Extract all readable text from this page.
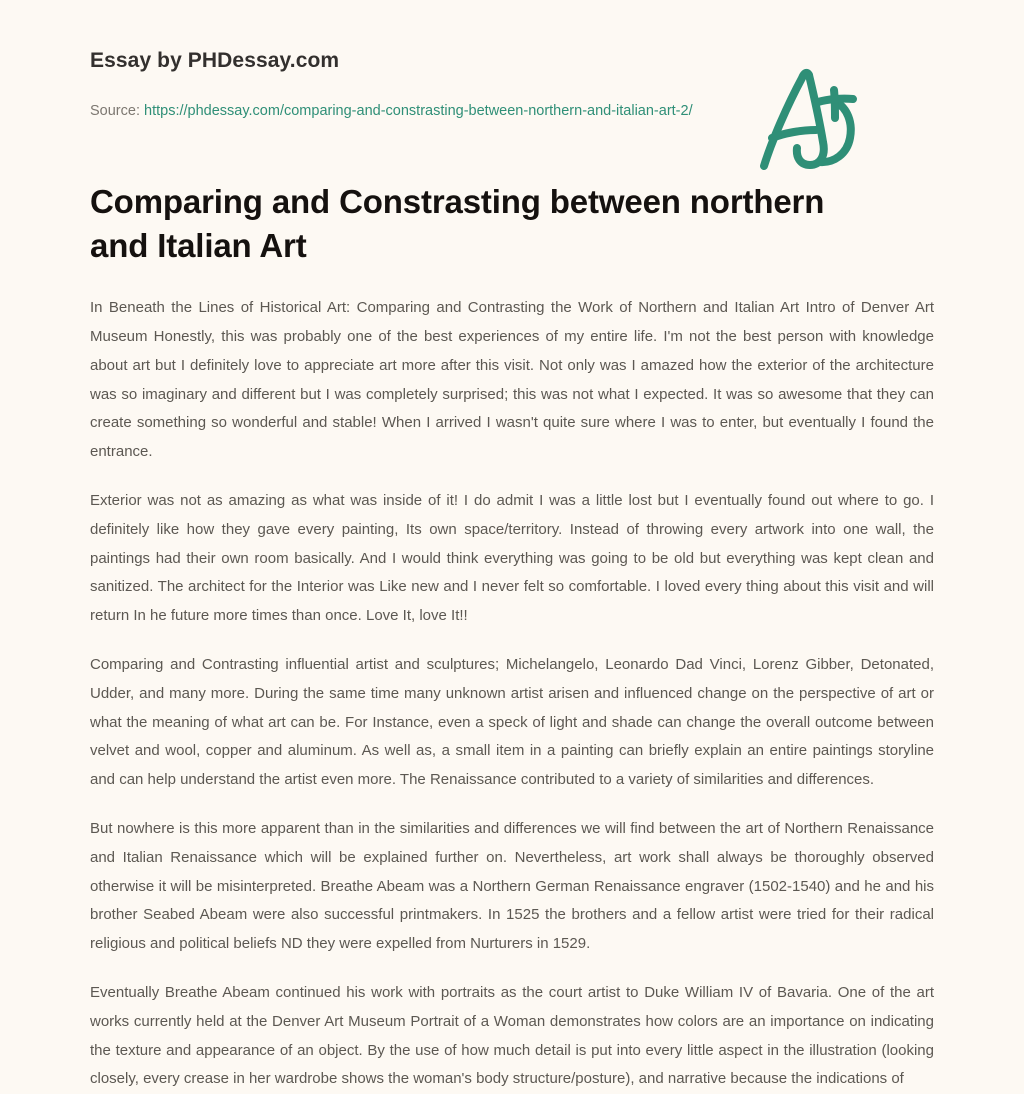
Essay by PHDessay.com
Source: https://phdessay.com/comparing-and-constrasting-between-northern-and-italian-art-2/
Comparing and Constrasting between northern and Italian Art

In Beneath the Lines of Historical Art: Comparing and Contrasting the Work of Northern and Italian Art Intro of Denver Art Museum Honestly, this was probably one of the best experiences of my entire life. I'm not the best person with knowledge about art but I definitely love to appreciate art more after this visit. Not only was I amazed how the exterior of the architecture was so imaginary and different but I was completely surprised; this was not what I expected. It was so awesome that they can create something so wonderful and stable! When I arrived I wasn't quite sure where I was to enter, but eventually I found the entrance.

Exterior was not as amazing as what was inside of it! I do admit I was a little lost but I eventually found out where to go. I definitely like how they gave every painting, Its own space/territory. Instead of throwing every artwork into one wall, the paintings had their own room basically. And I would think everything was going to be old but everything was kept clean and sanitized. The architect for the Interior was Like new and I never felt so comfortable. I loved every thing about this visit and will return In he future more times than once. Love It, love It!!

Comparing and Contrasting influential artist and sculptures; Michelangelo, Leonardo Dad Vinci, Lorenz Gibber, Detonated, Udder, and many more. During the same time many unknown artist arisen and influenced change on the perspective of art or what the meaning of what art can be. For Instance, even a speck of light and shade can change the overall outcome between velvet and wool, copper and aluminum. As well as, a small item in a painting can briefly explain an entire paintings storyline and can help understand the artist even more. The Renaissance contributed to a variety of similarities and differences.

But nowhere is this more apparent than in the similarities and differences we will find between the art of Northern Renaissance and Italian Renaissance which will be explained further on. Nevertheless, art work shall always be thoroughly observed otherwise it will be misinterpreted. Breathe Abeam was a Northern German Renaissance engraver (1502-1540) and he and his brother Seabed Abeam were also successful printmakers. In 1525 the brothers and a fellow artist were tried for their radical religious and political beliefs ND they were expelled from Nurturers in 1529.

Eventually Breathe Abeam continued his work with portraits as the court artist to Duke William IV of Bavaria. One of the art works currently held at the Denver Art Museum Portrait of a Woman demonstrates how colors are an importance on indicating the texture and appearance of an object. By the use of how much detail is put into every little aspect in the illustration (looking closely, every crease in her wardrobe shows the woman's body structure/posture), and narrative because the indications of
